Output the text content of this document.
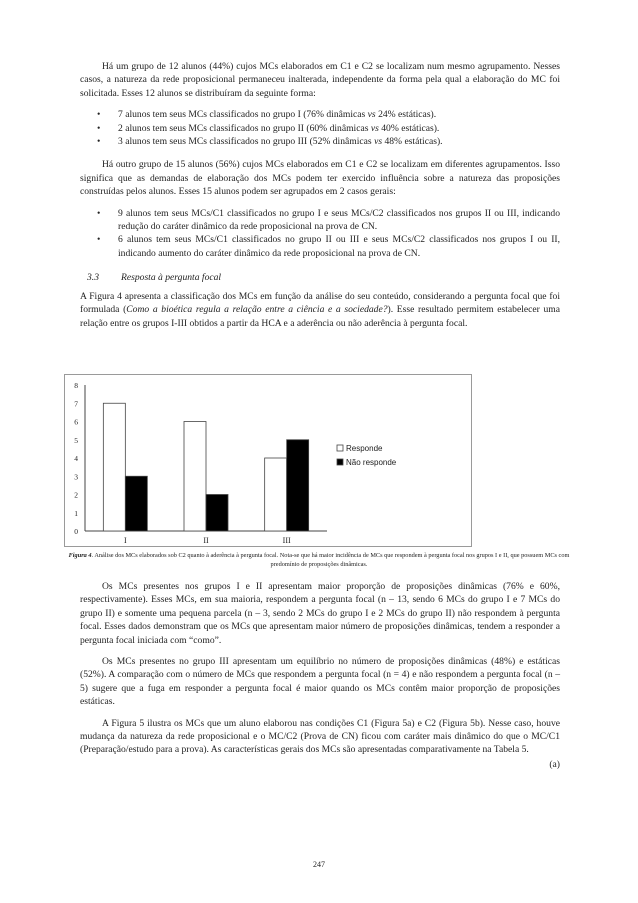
Há um grupo de 12 alunos (44%) cujos MCs elaborados em C1 e C2 se localizam num mesmo agrupamento. Nesses casos, a natureza da rede proposicional permaneceu inalterada, independente da forma pela qual a elaboração do MC foi solicitada. Esses 12 alunos se distribuíram da seguinte forma:

• 7 alunos tem seus MCs classificados no grupo I (76% dinâmicas vs 24% estáticas).
• 2 alunos tem seus MCs classificados no grupo II (60% dinâmicas vs 40% estáticas).
• 3 alunos tem seus MCs classificados no grupo III (52% dinâmicas vs 48% estáticas).

Há outro grupo de 15 alunos (56%) cujos MCs elaborados em C1 e C2 se localizam em diferentes agrupamentos. Isso significa que as demandas de elaboração dos MCs podem ter exercido influência sobre a natureza das proposições construídas pelos alunos. Esses 15 alunos podem ser agrupados em 2 casos gerais:

• 9 alunos tem seus MCs/C1 classificados no grupo I e seus MCs/C2 classificados nos grupos II ou III, indicando redução do caráter dinâmico da rede proposicional na prova de CN.
• 6 alunos tem seus MCs/C1 classificados no grupo II ou III e seus MCs/C2 classificados nos grupos I ou II, indicando aumento do caráter dinâmico da rede proposicional na prova de CN.

3.3 Resposta à pergunta focal

A Figura 4 apresenta a classificação dos MCs em função da análise do seu conteúdo, considerando a pergunta focal que foi formulada (Como a bioética regula a relação entre a ciência e a sociedade?). Esse resultado permitem estabelecer uma relação entre os grupos I-III obtidos a partir da HCA e a aderência ou não aderência à pergunta focal.

0
1
2
3
4
5
6
7
8
I	II	III
Responde
Não responde

Figura 4. Análise dos MCs elaborados sob C2 quanto à aderência à pergunta focal. Nota-se que há maior incidência de MCs que respondem à pergunta focal nos grupos I e II, que possuem MCs com predomínio de proposições dinâmicas.

Os MCs presentes nos grupos I e II apresentam maior proporção de proposições dinâmicas (76% e 60%, respectivamente). Esses MCs, em sua maioria, respondem a pergunta focal (n – 13, sendo 6 MCs do grupo I e 7 MCs do grupo II) e somente uma pequena parcela (n – 3, sendo 2 MCs do grupo I e 2 MCs do grupo II) não respondem à pergunta focal. Esses dados demonstram que os MCs que apresentam maior número de proposições dinâmicas, tendem a responder a pergunta focal iniciada com “como”.

Os MCs presentes no grupo III apresentam um equilíbrio no número de proposições dinâmicas (48%) e estáticas (52%). A comparação com o número de MCs que respondem a pergunta focal (n = 4) e não respondem a pergunta focal (n – 5) sugere que a fuga em responder a pergunta focal é maior quando os MCs contêm maior proporção de proposições estáticas.

A Figura 5 ilustra os MCs que um aluno elaborou nas condições C1 (Figura 5a) e C2 (Figura 5b). Nesse caso, houve mudança da natureza da rede proposicional e o MC/C2 (Prova de CN) ficou com caráter mais dinâmico do que o MC/C1 (Preparação/estudo para a prova). As características gerais dos MCs são apresentadas comparativamente na Tabela 5.

(a)

247
